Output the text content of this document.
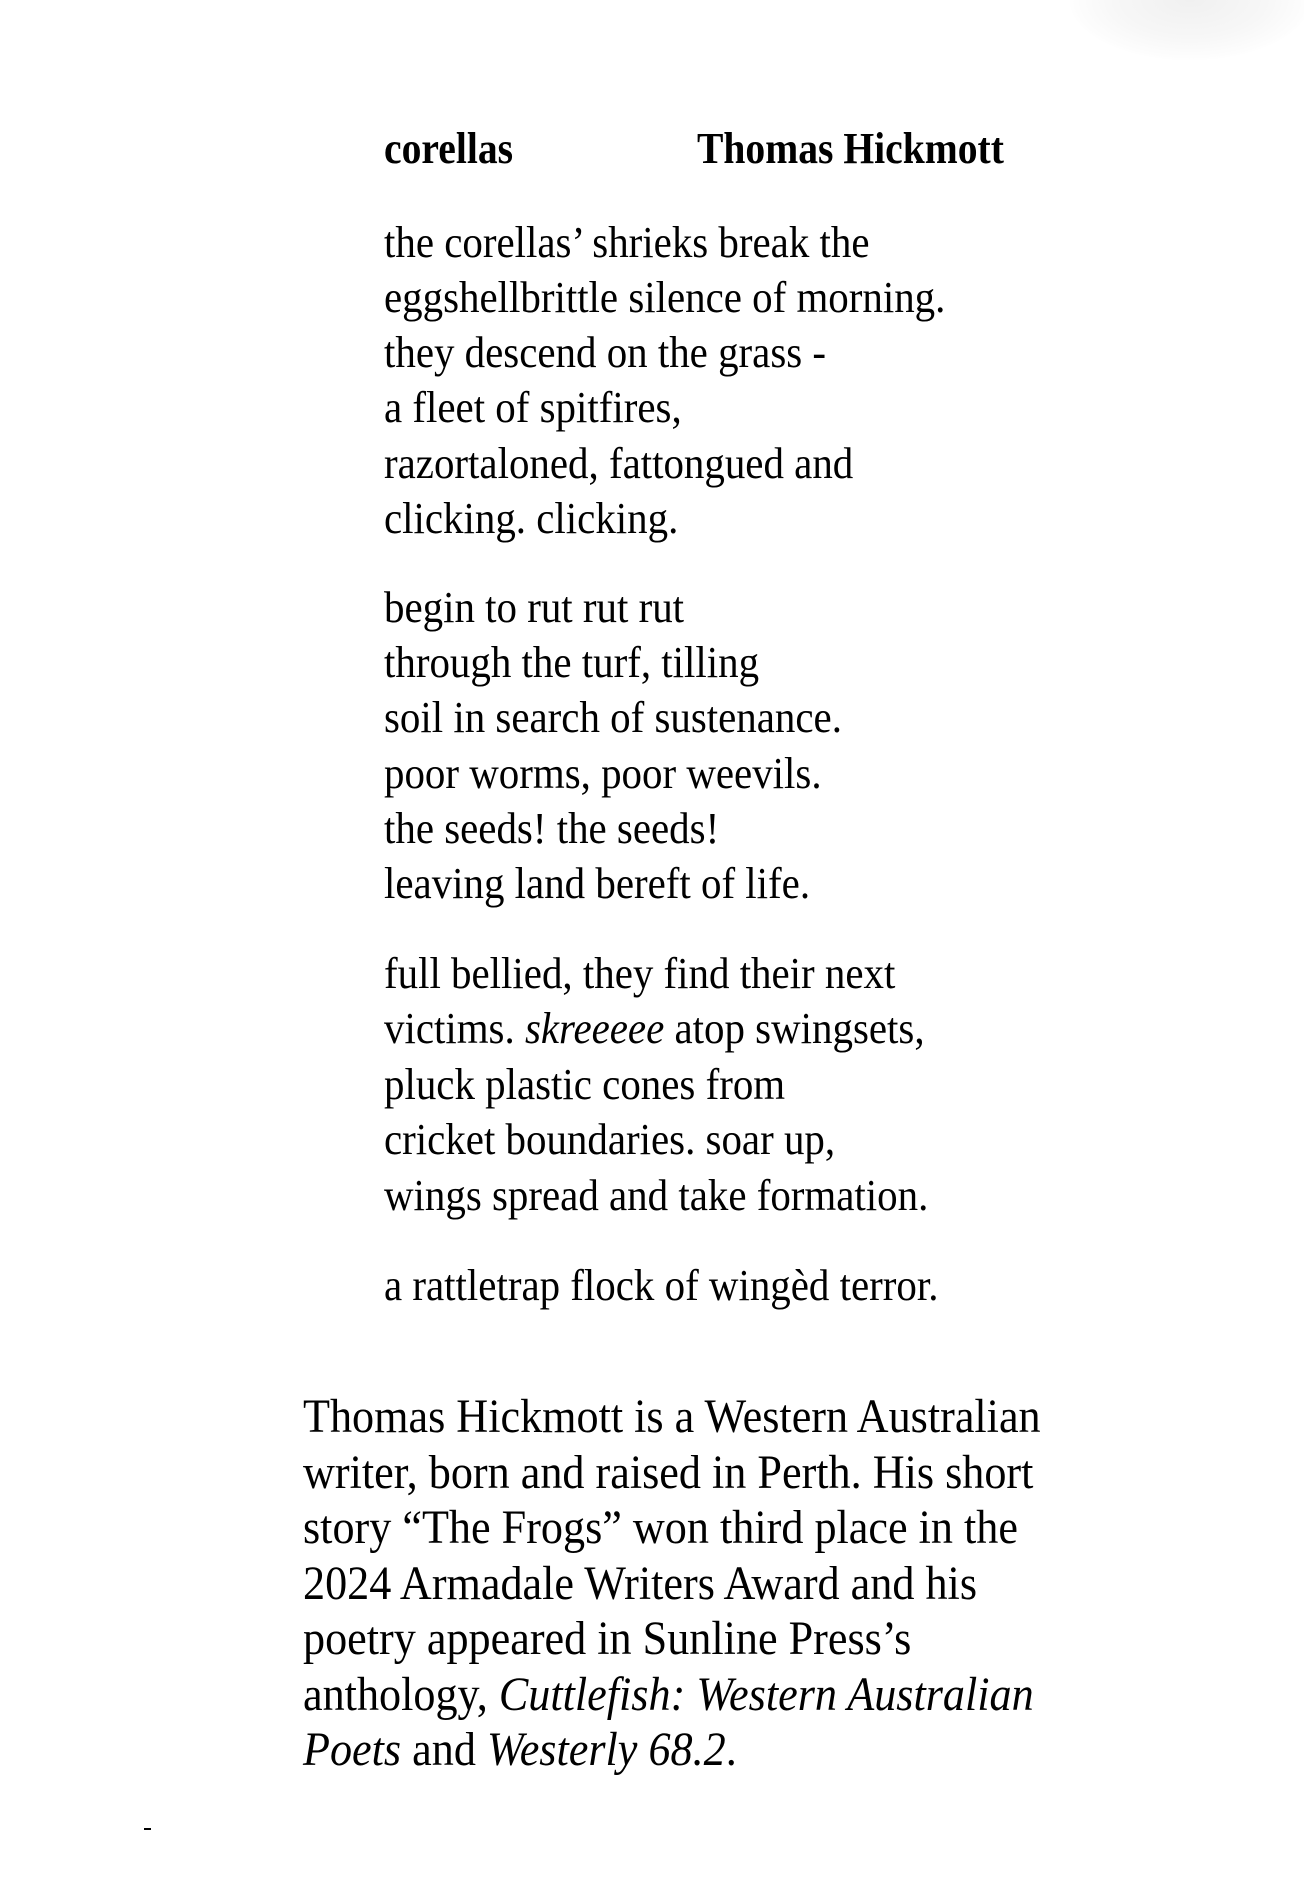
corellas	Thomas Hickmott
the corellas’ shrieks break the
eggshellbrittle silence of morning.
they descend on the grass -
a fleet of spitfires,
razortaloned, fattongued and
clicking. clicking.
begin to rut rut rut
through the turf, tilling
soil in search of sustenance.
poor worms, poor weevils.
the seeds! the seeds!
leaving land bereft of life.
full bellied, they find their next
victims. skreeeee atop swingsets,
pluck plastic cones from
cricket boundaries. soar up,
wings spread and take formation.
a rattletrap flock of wingèd terror.
Thomas Hickmott is a Western Australian
writer, born and raised in Perth. His short
story “The Frogs” won third place in the
2024 Armadale Writers Award and his
poetry appeared in Sunline Press’s
anthology, Cuttlefish: Western Australian
Poets and Westerly 68.2.
